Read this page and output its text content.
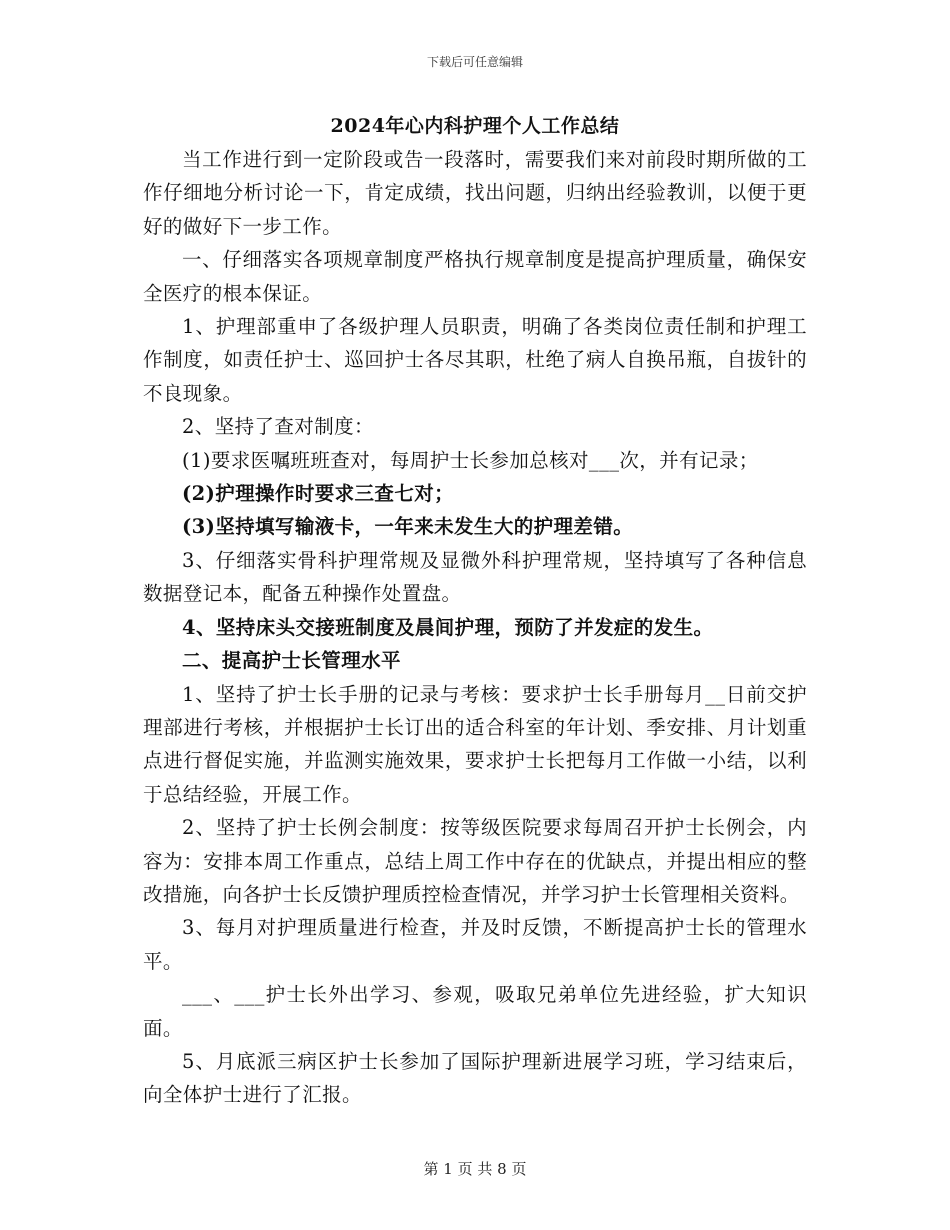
下载后可任意编辑
2024年心内科护理个人工作总结

当工作进行到一定阶段或告一段落时，需要我们来对前段时期所做的工作仔细地分析讨论一下，肯定成绩，找出问题，归纳出经验教训，以便于更好的做好下一步工作。

一、仔细落实各项规章制度严格执行规章制度是提高护理质量，确保安全医疗的根本保证。

1、护理部重申了各级护理人员职责，明确了各类岗位责任制和护理工作制度，如责任护士、巡回护士各尽其职，杜绝了病人自换吊瓶，自拔针的不良现象。

2、坚持了查对制度：

(1)要求医嘱班班查对，每周护士长参加总核对___次，并有记录；

(2)护理操作时要求三查七对；

(3)坚持填写输液卡，一年来未发生大的护理差错。

3、仔细落实骨科护理常规及显微外科护理常规，坚持填写了各种信息数据登记本，配备五种操作处置盘。

4、坚持床头交接班制度及晨间护理，预防了并发症的发生。

二、提高护士长管理水平

1、坚持了护士长手册的记录与考核：要求护士长手册每月__日前交护理部进行考核，并根据护士长订出的适合科室的年计划、季安排、月计划重点进行督促实施，并监测实施效果，要求护士长把每月工作做一小结，以利于总结经验，开展工作。

2、坚持了护士长例会制度：按等级医院要求每周召开护士长例会，内容为：安排本周工作重点，总结上周工作中存在的优缺点，并提出相应的整改措施，向各护士长反馈护理质控检查情况，并学习护士长管理相关资料。

3、每月对护理质量进行检查，并及时反馈，不断提高护士长的管理水平。

___、___护士长外出学习、参观，吸取兄弟单位先进经验，扩大知识面。

5、月底派三病区护士长参加了国际护理新进展学习班，学习结束后，向全体护士进行了汇报。

第 1 页 共 8 页
